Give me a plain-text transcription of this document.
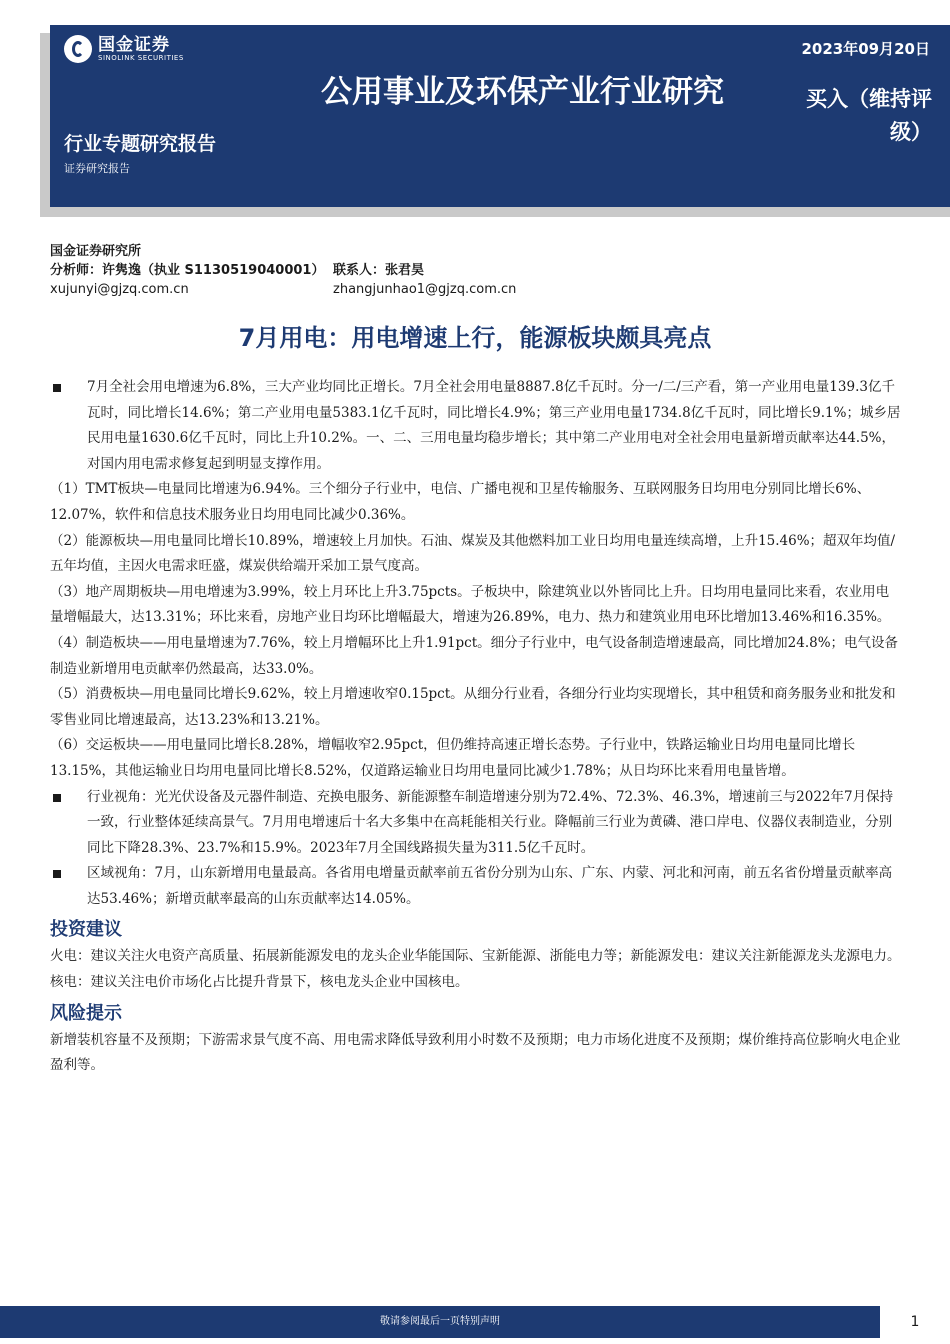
国金证券
SINOLINK SECURITIES
公用事业及环保产业行业研究
2023年09月20日
买入（维持评级）
行业专题研究报告
证券研究报告
国金证券研究所
分析师：许隽逸（执业 S1130519040001）
xujunyi@gjzq.com.cn
联系人：张君昊
zhangjunhao1@gjzq.com.cn
7月用电：用电增速上行，能源板块颇具亮点
7月全社会用电增速为6.8%，三大产业均同比正增长。7月全社会用电量8887.8亿千瓦时。分一/二/三产看，第一产业用电量139.3亿千瓦时，同比增长14.6%；第二产业用电量5383.1亿千瓦时，同比增长4.9%；第三产业用电量1734.8亿千瓦时，同比增长9.1%；城乡居民用电量1630.6亿千瓦时，同比上升10.2%。一、二、三用电量均稳步增长；其中第二产业用电对全社会用电量新增贡献率达44.5%，对国内用电需求修复起到明显支撑作用。

（1）TMT板块—电量同比增速为6.94%。三个细分子行业中，电信、广播电视和卫星传输服务、互联网服务日均用电分别同比增长6%、12.07%，软件和信息技术服务业日均用电同比减少0.36%。

（2）能源板块—用电量同比增长10.89%，增速较上月加快。石油、煤炭及其他燃料加工业日均用电量连续高增，上升15.46%；超双年均值/五年均值，主因火电需求旺盛，煤炭供给端开采加工景气度高。

（3）地产周期板块—用电增速为3.99%，较上月环比上升3.75pcts。子板块中，除建筑业以外皆同比上升。日均用电量同比来看，农业用电量增幅最大，达13.31%；环比来看，房地产业日均环比增幅最大，增速为26.89%，电力、热力和建筑业用电环比增加13.46%和16.35%。

（4）制造板块——用电量增速为7.76%，较上月增幅环比上升1.91pct。细分子行业中，电气设备制造增速最高，同比增加24.8%；电气设备制造业新增用电贡献率仍然最高，达33.0%。

（5）消费板块—用电量同比增长9.62%，较上月增速收窄0.15pct。从细分行业看，各细分行业均实现增长，其中租赁和商务服务业和批发和零售业同比增速最高，达13.23%和13.21%。

（6）交运板块——用电量同比增长8.28%，增幅收窄2.95pct，但仍维持高速正增长态势。子行业中，铁路运输业日均用电量同比增长13.15%，其他运输业日均用电量同比增长8.52%，仅道路运输业日均用电量同比减少1.78%；从日均环比来看用电量皆增。

行业视角：光光伏设备及元器件制造、充换电服务、新能源整车制造增速分别为72.4%、72.3%、46.3%，增速前三与2022年7月保持一致，行业整体延续高景气。7月用电增速后十名大多集中在高耗能相关行业。降幅前三行业为黄磷、港口岸电、仪器仪表制造业，分别同比下降28.3%、23.7%和15.9%。2023年7月全国线路损失量为311.5亿千瓦时。
区域视角：7月，山东新增用电量最高。各省用电增量贡献率前五省份分别为山东、广东、内蒙、河北和河南，前五名省份增量贡献率高达53.46%；新增贡献率最高的山东贡献率达14.05%。
投资建议

火电：建议关注火电资产高质量、拓展新能源发电的龙头企业华能国际、宝新能源、浙能电力等；新能源发电：建议关注新能源龙头龙源电力。核电：建议关注电价市场化占比提升背景下，核电龙头企业中国核电。

风险提示

新增装机容量不及预期；下游需求景气度不高、用电需求降低导致利用小时数不及预期；电力市场化进度不及预期；煤价维持高位影响火电企业盈利等。

敬请参阅最后一页特别声明	1
